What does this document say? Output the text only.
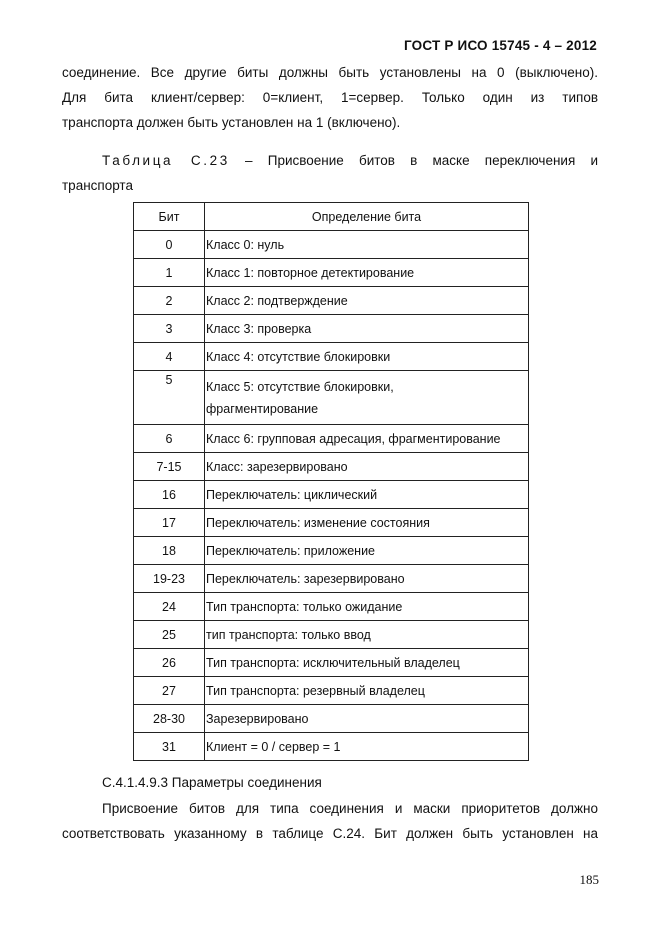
ГОСТ Р ИСО 15745 - 4 – 2012
соединение. Все другие биты должны быть установлены на 0 (выключено).
Для бита клиент/сервер: 0=клиент, 1=сервер. Только один из типов
транспорта должен быть установлен на 1 (включено).
Таблица С.23 – Присвоение битов в маске переключения и
транспорта
Бит	Определение бита
0	Класс 0: нуль
1	Класс 1: повторное детектирование
2	Класс 2: подтверждение
3	Класс 3: проверка
4	Класс 4: отсутствие блокировки
5	Класс 5: отсутствие блокировки,
фрагментирование

6	Класс 6: групповая адресация, фрагментирование
7-15	Класс: зарезервировано
16	Переключатель: циклический
17	Переключатель: изменение состояния
18	Переключатель: приложение
19-23	Переключатель: зарезервировано
24	Тип транспорта: только ожидание
25	тип транспорта: только ввод
26	Тип транспорта: исключительный владелец
27	Тип транспорта: резервный владелец
28-30	Зарезервировано
31	Клиент = 0 / сервер = 1
С.4.1.4.9.3 Параметры соединения
Присвоение битов для типа соединения и маски приоритетов должно
соответствовать указанному в таблице С.24. Бит должен быть установлен на
185
